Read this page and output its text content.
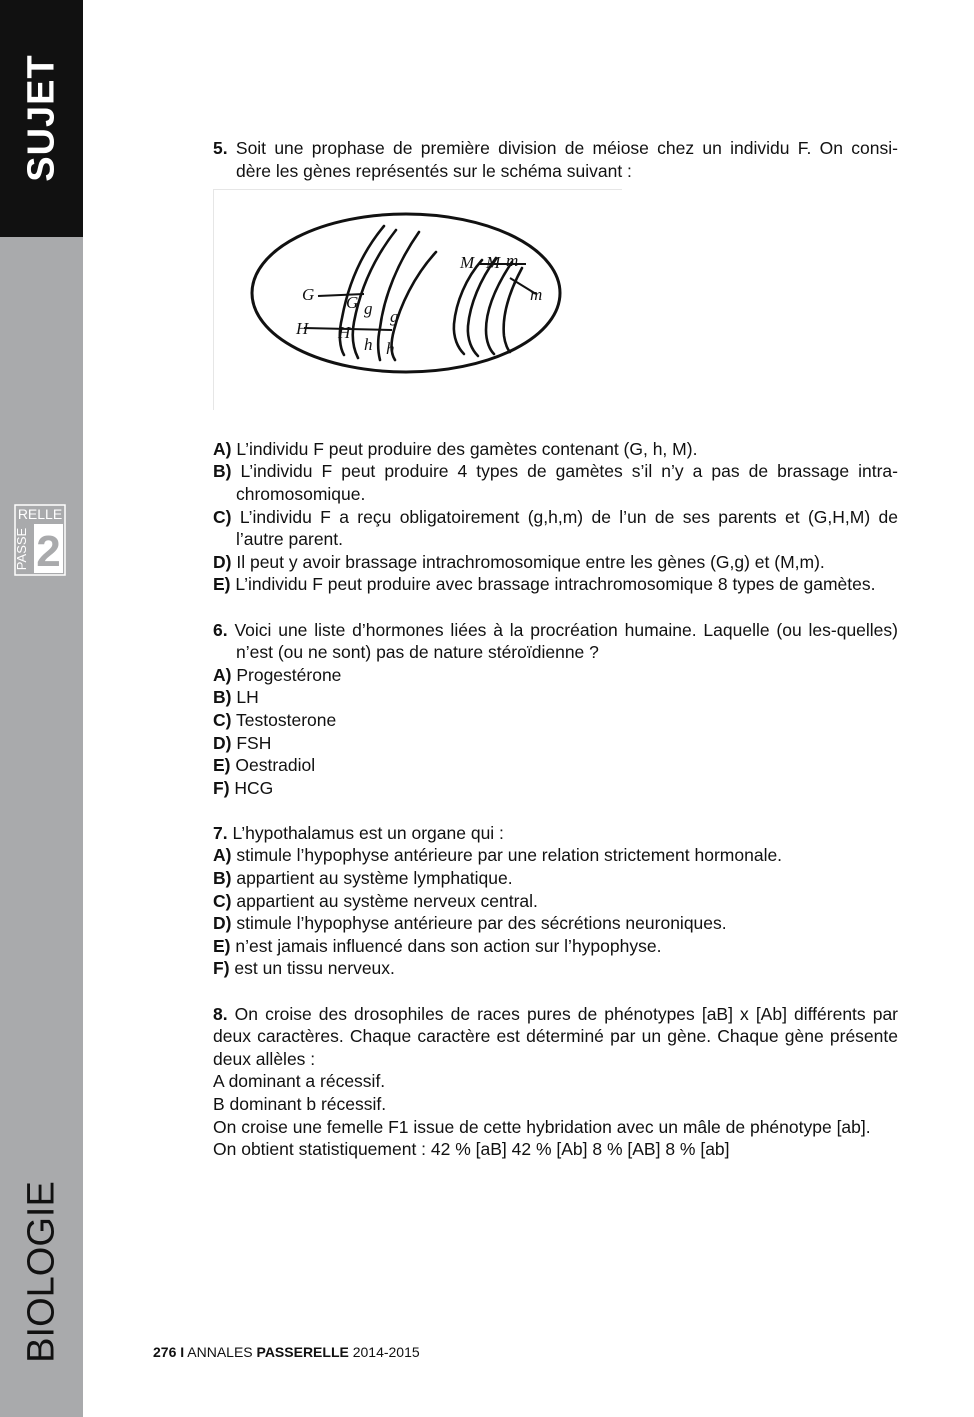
SUJET
RELLE
PASSE 2
BIOLOGIE
5. Soit une prophase de première division de méiose chez un individu F. On consi-
dère les gènes représentés sur le schéma suivant :
G G g g
H H
h h
M M m
m
A) L’individu F peut produire des gamètes contenant (G, h, M).
B) L’individu F peut produire 4 types de gamètes s’il n’y a pas de brassage intra-chromosomique.
C) L’individu F a reçu obligatoirement (g,h,m) de l’un de ses parents et (G,H,M) de l’autre parent.
D) Il peut y avoir brassage intrachromosomique entre les gènes (G,g) et (M,m).
E) L’individu F peut produire avec brassage intrachromosomique 8 types de gamètes.
6. Voici une liste d’hormones liées à la procréation humaine. Laquelle (ou les-quelles) n’est (ou ne sont) pas de nature stéroïdienne ?
A) Progestérone
B) LH
C) Testosterone
D) FSH
E) Oestradiol
F) HCG
7. L’hypothalamus est un organe qui :
A) stimule l’hypophyse antérieure par une relation strictement hormonale.
B) appartient au système lymphatique.
C) appartient au système nerveux central.
D) stimule l’hypophyse antérieure par des sécrétions neuroniques.
E) n’est jamais influencé dans son action sur l’hypophyse.
F) est un tissu nerveux.
8. On croise des drosophiles de races pures de phénotypes [aB] x [Ab] différents par deux caractères. Chaque caractère est déterminé par un gène. Chaque gène présente deux allèles :
A dominant a récessif.
B dominant b récessif.
On croise une femelle F1 issue de cette hybridation avec un mâle de phénotype [ab].
On obtient statistiquement : 42 % [aB] 42 % [Ab] 8 % [AB] 8 % [ab]
276 I ANNALES PASSERELLE 2014-2015
